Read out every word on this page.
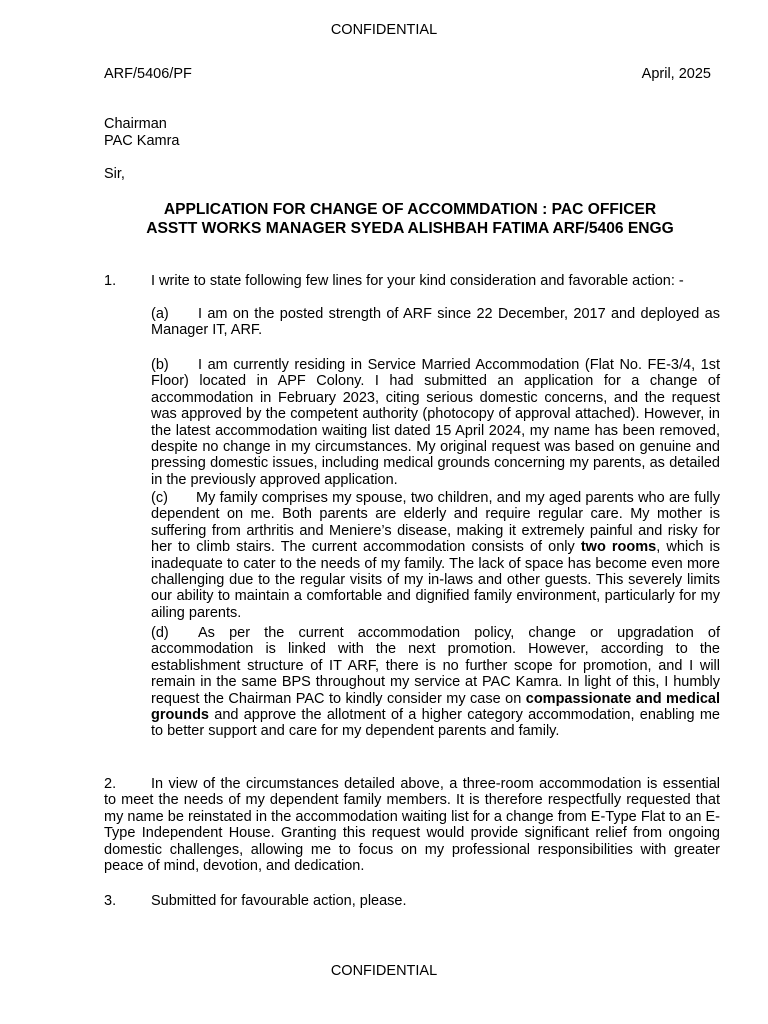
CONFIDENTIAL
ARF/5406/PF	April, 2025
Chairman
PAC Kamra
Sir,
APPLICATION FOR CHANGE OF ACCOMMDATION : PAC OFFICER
ASSTT WORKS MANAGER SYEDA ALISHBAH FATIMA ARF/5406 ENGG
1. I write to state following few lines for your kind consideration and favorable action: -
(a) I am on the posted strength of ARF since 22 December, 2017 and deployed as Manager IT, ARF.
(b) I am currently residing in Service Married Accommodation (Flat No. FE-3/4, 1st Floor) located in APF Colony. I had submitted an application for a change of accommodation in February 2023, citing serious domestic concerns, and the request was approved by the competent authority (photocopy of approval attached). However, in the latest accommodation waiting list dated 15 April 2024, my name has been removed, despite no change in my circumstances. My original request was based on genuine and pressing domestic issues, including medical grounds concerning my parents, as detailed in the previously approved application.
(c) My family comprises my spouse, two children, and my aged parents who are fully dependent on me. Both parents are elderly and require regular care. My mother is suffering from arthritis and Meniere’s disease, making it extremely painful and risky for her to climb stairs. The current accommodation consists of only two rooms, which is inadequate to cater to the needs of my family. The lack of space has become even more challenging due to the regular visits of my in-laws and other guests. This severely limits our ability to maintain a comfortable and dignified family environment, particularly for my ailing parents.
(d) As per the current accommodation policy, change or upgradation of accommodation is linked with the next promotion. However, according to the establishment structure of IT ARF, there is no further scope for promotion, and I will remain in the same BPS throughout my service at PAC Kamra. In light of this, I humbly request the Chairman PAC to kindly consider my case on compassionate and medical grounds and approve the allotment of a higher category accommodation, enabling me to better support and care for my dependent parents and family.
2. In view of the circumstances detailed above, a three-room accommodation is essential to meet the needs of my dependent family members. It is therefore respectfully requested that my name be reinstated in the accommodation waiting list for a change from E-Type Flat to an E-Type Independent House. Granting this request would provide significant relief from ongoing domestic challenges, allowing me to focus on my professional responsibilities with greater peace of mind, devotion, and dedication.
3. Submitted for favourable action, please.
CONFIDENTIAL
